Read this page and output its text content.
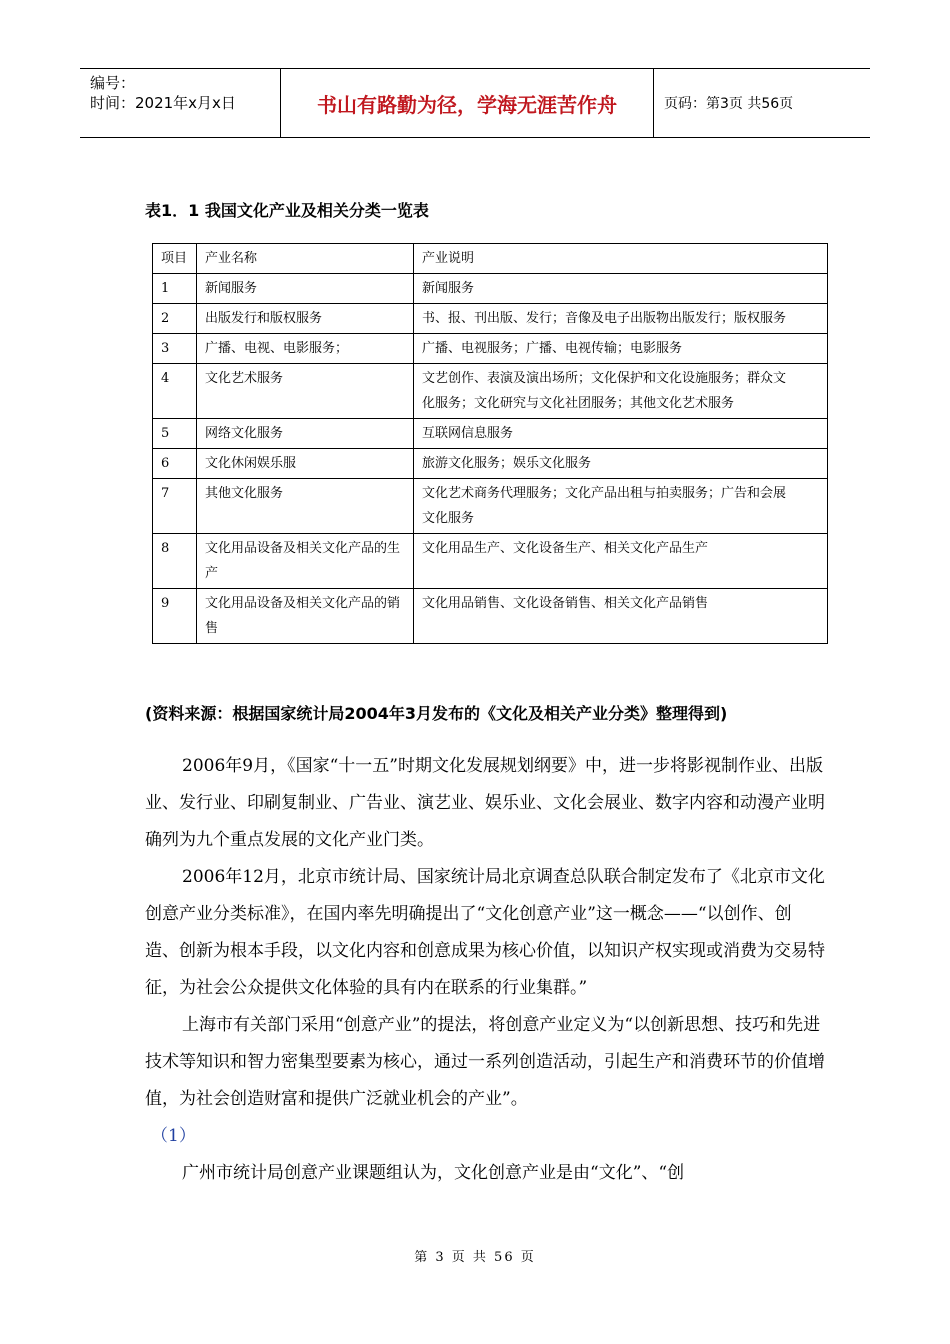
编号：
时间：2021年x月x日	书山有路勤为径，学海无涯苦作舟	页码：第3页 共56页
表1．1 我国文化产业及相关分类一览表
项目	产业名称	产业说明
1	新闻服务	新闻服务
2	出版发行和版权服务	书、报、刊出版、发行；音像及电子出版物出版发行；版权服务
3	广播、电视、电影服务；	广播、电视服务；广播、电视传输；电影服务
4	文化艺术服务	文艺创作、表演及演出场所；文化保护和文化设施服务；群众文
化服务；文化研究与文化社团服务；其他文化艺术服务
5	网络文化服务	互联网信息服务
6	文化休闲娱乐服	旅游文化服务；娱乐文化服务
7	其他文化服务	文化艺术商务代理服务；文化产品出租与拍卖服务；广告和会展
文化服务
8	文化用品设备及相关文化产品的生产	文化用品生产、文化设备生产、相关文化产品生产
9	文化用品设备及相关文化产品的销售	文化用品销售、文化设备销售、相关文化产品销售
(资料来源：根据国家统计局2004年3月发布的《文化及相关产业分类》整理得到)

2006年9月，《国家“十一五”时期文化发展规划纲要》中，进一步将影视制作业、出版业、发行业、印刷复制业、广告业、演艺业、娱乐业、文化会展业、数字内容和动漫产业明确列为九个重点发展的文化产业门类。

2006年12月，北京市统计局、国家统计局北京调查总队联合制定发布了《北京市文化创意产业分类标准》，在国内率先明确提出了“文化创意产业”这一概念——“以创作、创造、创新为根本手段，以文化内容和创意成果为核心价值，以知识产权实现或消费为交易特征，为社会公众提供文化体验的具有内在联系的行业集群。”

上海市有关部门采用“创意产业”的提法，将创意产业定义为“以创新思想、技巧和先进技术等知识和智力密集型要素为核心，通过一系列创造活动，引起生产和消费环节的价值增值，为社会创造财富和提供广泛就业机会的产业”。

（1）

广州市统计局创意产业课题组认为，文化创意产业是由“文化”、“创

第 3 页 共 56 页
